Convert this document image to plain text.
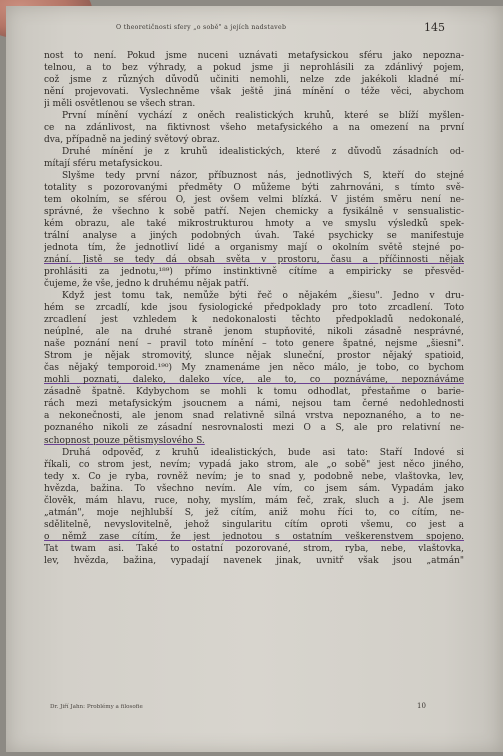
O theoretičnosti sfery „o sobě" a jejích nadstaveb	145
nost to není. Pokud jsme nuceni uznávati metafysickou sféru jako nepozna-
telnou, a to bez výhrady, a pokud jsme ji neprohlásili za zdánlivý pojem,
což jsme z různých důvodů učiniti nemohli, nelze zde jakékoli kladné mí-
nění projevovati. Vyslechněme však ještě jiná mínění o téže věci, abychom
ji měli osvětlenou se všech stran.
První mínění vychází z oněch realistických kruhů, které se blíží myšlen-
ce na zdánlivost, na fiktivnost všeho metafysického a na omezení na první
dva, případně na jediný světový obraz.
Druhé mínění je z kruhů idealistických, které z důvodů zásadních od-
mítají sféru metafysickou.
Slyšme tedy první názor, příbuznost nás, jednotlivých S, kteří do stejné
totality s pozorovanými předměty O můžeme býti zahrnováni, s tímto svě-
tem okolním, se sférou O, jest ovšem velmi blízká. V jistém směru není ne-
správné, že všechno k sobě patří. Nejen chemicky a fysikálně v sensualistic-
kém obrazu, ale také mikrostrukturou hmoty a ve smyslu výsledků spek-
trální analyse a jiných podobných úvah. Také psychicky se manifestuje
jednota tím, že jednotliví lidé a organismy mají o okolním světě stejné po-
znání. Jistě se tedy dá obsah světa v prostoru, času a příčinnosti nějak
prohlásiti za jednotu,¹⁸⁹) přímo instinktivně cítíme a empiricky se přesvěd-
čujeme, že vše, jedno k druhému nějak patří.
Když jest tomu tak, nemůže býti řeč o nějakém „šiesu". Jedno v dru-
hém se zrcadlí, kde jsou fysiologické předpoklady pro toto zrcadlení. Toto
zrcadlení jest vzhledem k nedokonalosti těchto předpokladů nedokonalé,
neúplné, ale na druhé straně jenom stupňovité, nikoli zásadně nesprávné,
naše poznání není – pravil toto mínění – toto genere špatné, nejsme „šiesni".
Strom je nějak stromovitý, slunce nějak sluneční, prostor nějaký spatioid,
čas nějaký temporoid.¹⁹⁰) My znamenáme jen něco málo, je tobo, co bychom
mohli poznati, daleko, daleko více, ale to, co poznáváme, nepoznáváme
zásadně špatně. Kdybychom se mohli k tomu odhodlat, přestaňme o barie-
rách mezi metafysickým jsoucnem a námi, nejsou tam černé nedohlednosti
a nekonečnosti, ale jenom snad relativně silná vrstva nepoznaného, a to ne-
poznaného nikoli ze zásadní nesrovnalosti mezi O a S, ale pro relativní ne-
schopnost pouze pětismyslového S.
Druhá odpověď, z kruhů idealistických, bude asi tato: Staří Indové si
říkali, co strom jest, nevím; vypadá jako strom, ale „o sobě" jest něco jiného,
tedy x. Co je ryba, rovněž nevím; je to snad y, podobně nebe, vlaštovka, lev,
hvězda, bažina. To všechno nevím. Ale vím, co jsem sám. Vypadám jako
člověk, mám hlavu, ruce, nohy, myslím, mám feč, zrak, sluch a j. Ale jsem
„atmán", moje nejhlubší S, jež cítím, aniž mohu říci to, co cítím, ne-
sdělitelně, nevyslovitelně, jehož singularitu cítím oproti všemu, co jest a
o němž zase cítím, že jest jednotou s ostatním veškerenstvem spojeno.
Tat twam asi. Také to ostatní pozorované, strom, ryba, nebe, vlaštovka,
lev, hvězda, bažina, vypadají navenek jinak, uvnitř však jsou „atmán"
Dr. Jiří Jahn: Problémy a filosofie	10
